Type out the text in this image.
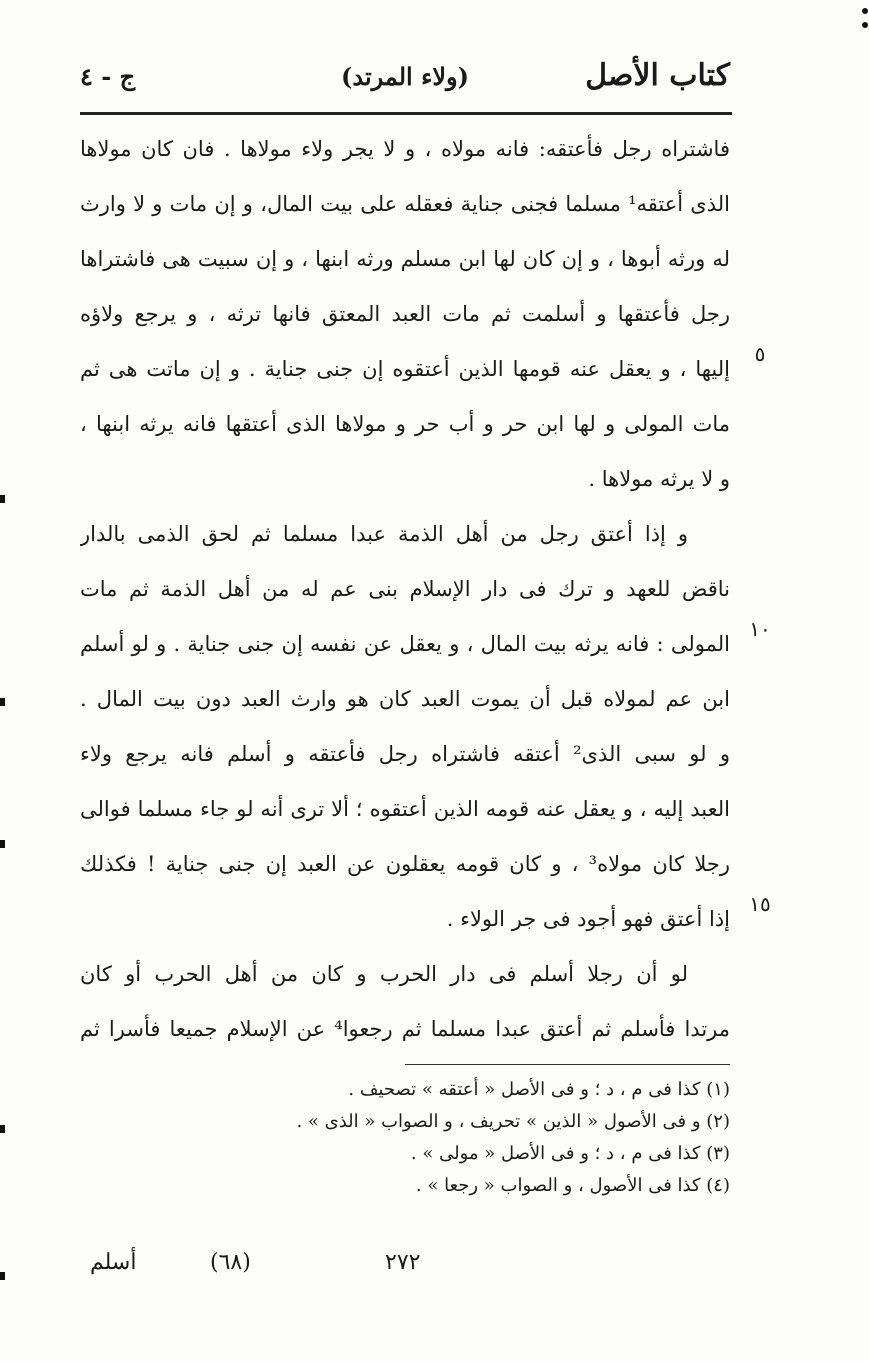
كتاب الأصل
(ولاء المرتد)
ج - ٤
فاشتراه رجل فأعتقه: فانه مولاه ، و لا يجر ولاء مولاها . فان كان مولاها
الذى أعتقه¹ مسلما فجنى جناية فعقله على بيت المال، و إن مات و لا وارث
له ورثه أبوها ، و إن كان لها ابن مسلم ورثه ابنها ، و إن سبيت هى فاشتراها
رجل فأعتقها و أسلمت ثم مات العبد المعتق فانها ترثه ، و يرجع ولاؤه
إليها ، و يعقل عنه قومها الذين أعتقوه إن جنى جناية . و إن ماتت هى ثم
مات المولى و لها ابن حر و أب حر و مولاها الذى أعتقها فانه يرثه ابنها ،
و لا يرثه مولاها .
و إذا أعتق رجل من أهل الذمة عبدا مسلما ثم لحق الذمى بالدار
ناقض للعهد و ترك فى دار الإسلام بنى عم له من أهل الذمة ثم مات
المولى : فانه يرثه بيت المال ، و يعقل عن نفسه إن جنى جناية . و لو أسلم
ابن عم لمولاه قبل أن يموت العبد كان هو وارث العبد دون بيت المال .
و لو سبى الذى² أعتقه فاشتراه رجل فأعتقه و أسلم فانه يرجع ولاء
العبد إليه ، و يعقل عنه قومه الذين أعتقوه ؛ ألا ترى أنه لو جاء مسلما فوالى
رجلا كان مولاه³ ، و كان قومه يعقلون عن العبد إن جنى جناية ! فكذلك
إذا أعتق فهو أجود فى جر الولاء .
لو أن رجلا أسلم فى دار الحرب و كان من أهل الحرب أو كان
مرتدا فأسلم ثم أعتق عبدا مسلما ثم رجعوا⁴ عن الإسلام جميعا فأسرا ثم
٥
١٠
١٥
(١) كذا فى م ، د ؛ و فى الأصل « أعتقه » تصحيف .
(٢) و فى الأصول « الذين » تحريف ، و الصواب « الذى » .
(٣) كذا فى م ، د ؛ و فى الأصل « مولى » .
(٤) كذا فى الأصول ، و الصواب « رجعا » .
أسلم	(٦٨)	٢٧٢
